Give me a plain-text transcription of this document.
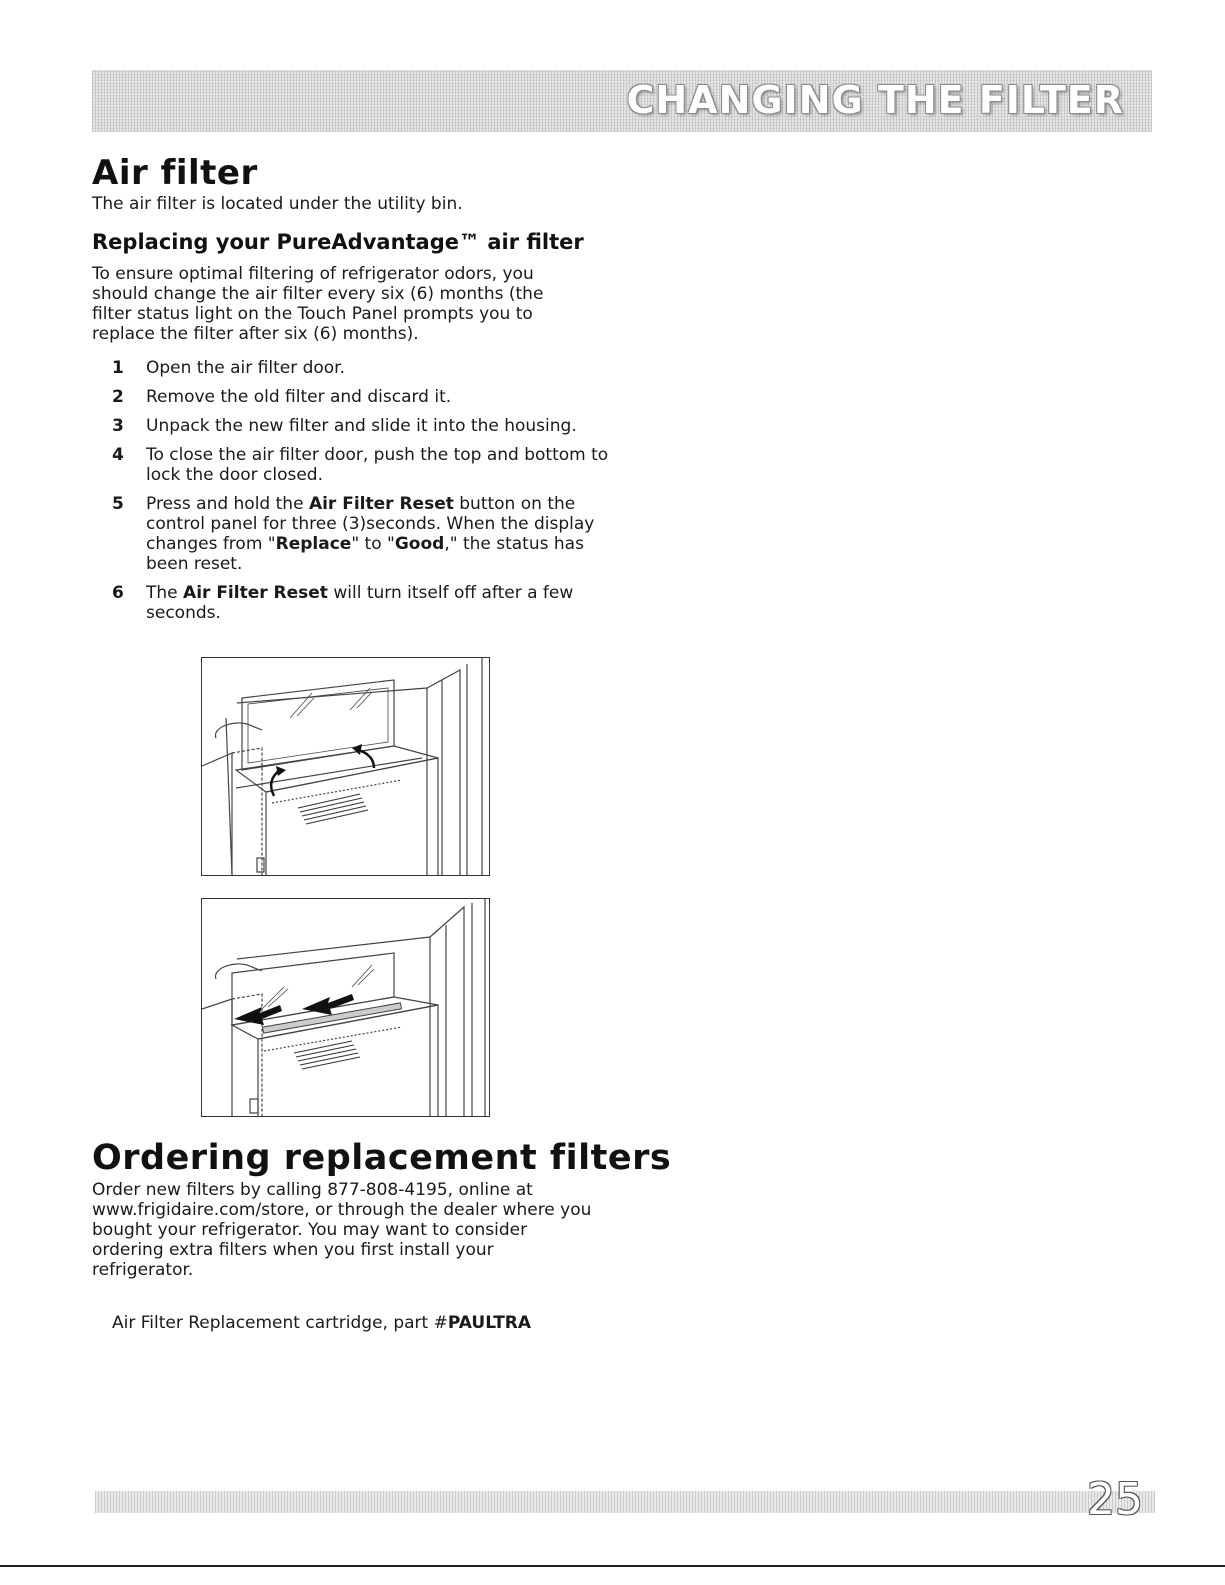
CHANGING THE FILTER
Air filter

The air filter is located under the utility bin.

Replacing your PureAdvantage™ air filter

To ensure optimal filtering of refrigerator odors, you should change the air filter every six (6) months (the filter status light on the Touch Panel prompts you to replace the filter after six (6) months).

1	Open the air filter door.
2	Remove the old filter and discard it.
3	Unpack the new filter and slide it into the housing.
4	To close the air filter door, push the top and bottom to lock the door closed.
5	Press and hold the Air Filter Reset button on the control panel for three (3)seconds. When the display changes from "Replace" to "Good," the status has been reset.
6	The Air Filter Reset will turn itself off after a few seconds.
Ordering replacement filters

Order new filters by calling 877-808-4195, online at www.frigidaire.com/store, or through the dealer where you bought your refrigerator. You may want to consider ordering extra filters when you first install your refrigerator.

Air Filter Replacement cartridge, part #PAULTRA
25
